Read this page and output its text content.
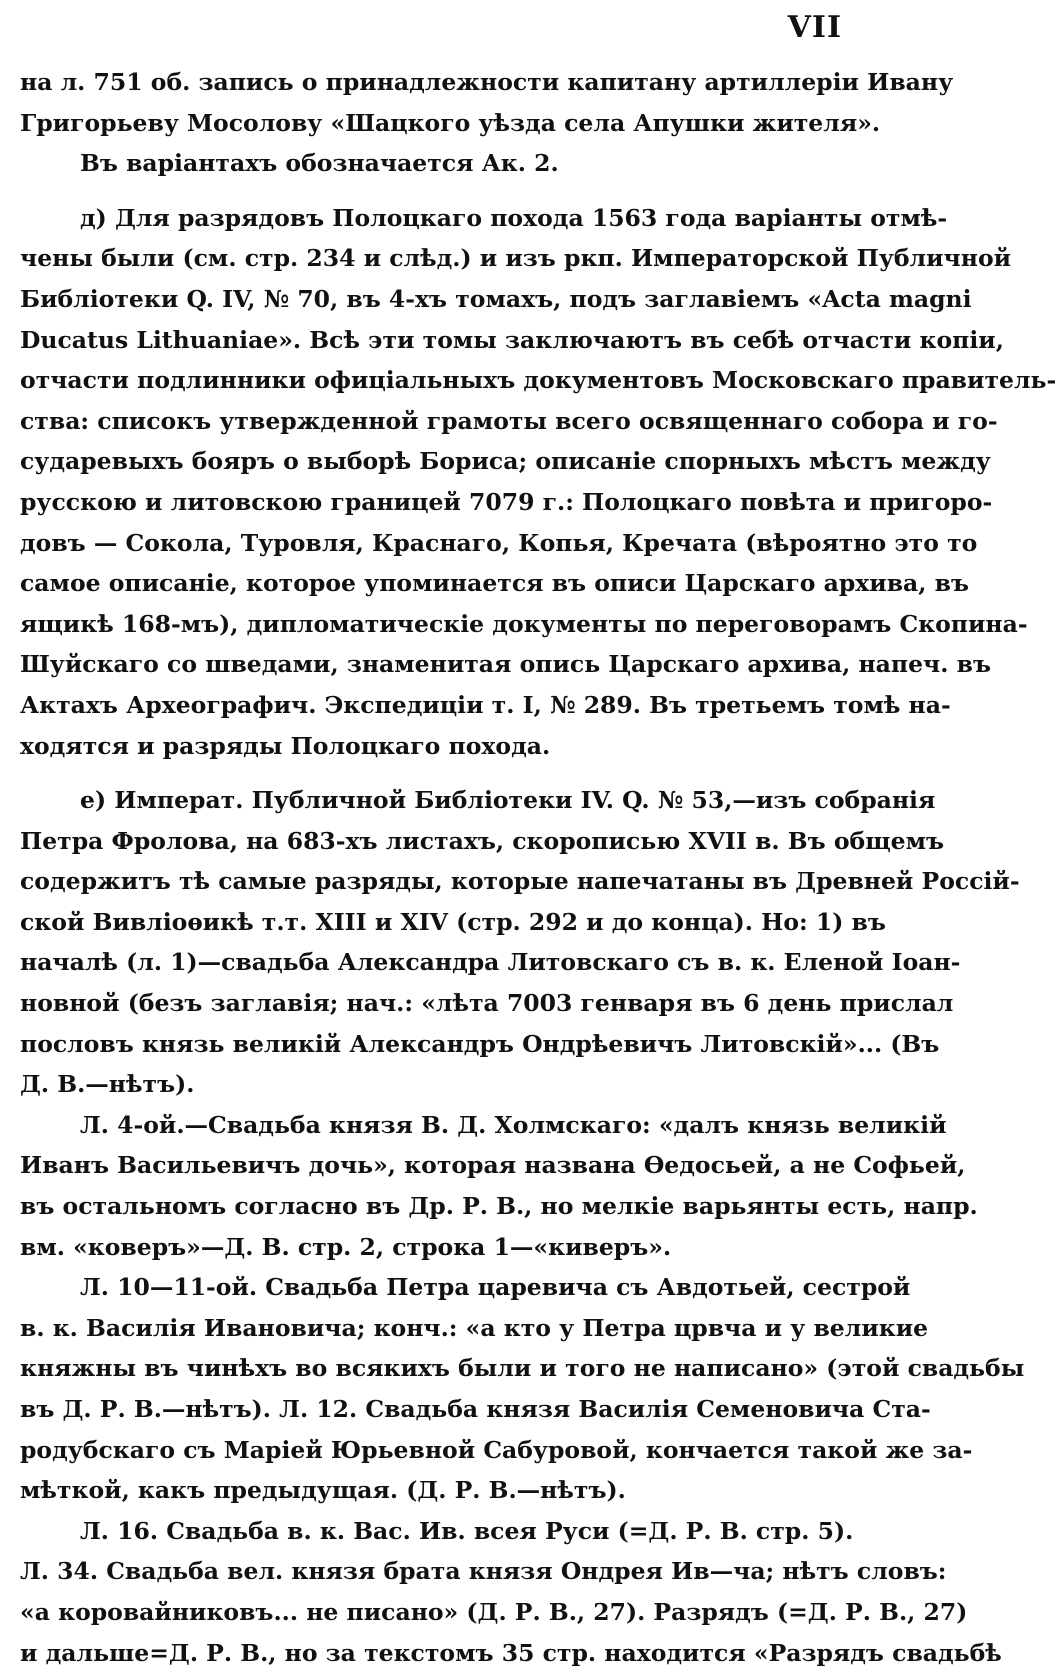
VII
на л. 751 об. запись о принадлежности капитану артиллеріи Ивану
Григорьеву Мосолову «Шацкого уѣзда села Апушки жителя».
Въ варіантахъ обозначается Ак. 2.
д) Для разрядовъ Полоцкаго похода 1563 года варіанты отмѣ-
чены были (см. стр. 234 и слѣд.) и изъ ркп. Императорской Публичной
Библіотеки Q. IV, № 70, въ 4-хъ томахъ, подъ заглавіемъ «Acta magni
Ducatus Lithuaniae». Всѣ эти томы заключаютъ въ себѣ отчасти копіи,
отчасти подлинники офиціальныхъ документовъ Московскаго правитель-
ства: списокъ утвержденной грамоты всего освященнаго собора и го-
сударевыхъ бояръ о выборѣ Бориса; описаніе спорныхъ мѣстъ между
русскою и литовскою границей 7079 г.: Полоцкаго повѣта и пригоро-
довъ — Сокола, Туровля, Краснаго, Копья, Кречата (вѣроятно это то
самое описаніе, которое упоминается въ описи Царскаго архива, въ
ящикѣ 168-мъ), дипломатическіе документы по переговорамъ Скопина-
Шуйскаго со шведами, знаменитая опись Царскаго архива, напеч. въ
Актахъ Археографич. Экспедиціи т. I, № 289. Въ третьемъ томѣ на-
ходятся и разряды Полоцкаго похода.
е) Императ. Публичной Библіотеки IV. Q. № 53,—изъ собранія
Петра Фролова, на 683-хъ листахъ, скорописью XVII в. Въ общемъ
содержитъ тѣ самые разряды, которые напечатаны въ Древней Россій-
ской Вивліоѳикѣ т.т. XIII и XIV (стр. 292 и до конца). Но: 1) въ
началѣ (л. 1)—свадьба Александра Литовскаго съ в. к. Еленой Іоан-
новной (безъ заглавія; нач.: «лѣта 7003 генваря въ 6 день прислал
пословъ князь великій Александръ Ондрѣевичъ Литовскій»... (Въ
Д. В.—нѣтъ).
Л. 4-ой.—Свадьба князя В. Д. Холмскаго: «далъ князь великій
Иванъ Васильевичъ дочь», которая названа Ѳедосьей, а не Софьей,
въ остальномъ согласно въ Др. Р. В., но мелкіе варьянты есть, напр.
вм. «коверъ»—Д. В. стр. 2, строка 1—«киверъ».
Л. 10—11-ой. Свадьба Петра царевича съ Авдотьей, сестрой
в. к. Василія Ивановича; конч.: «а кто у Петра црвча и у великие
княжны въ чинѣхъ во всякихъ были и того не написано» (этой свадьбы
въ Д. Р. В.—нѣтъ). Л. 12. Свадьба князя Василія Семеновича Ста-
родубскаго съ Маріей Юрьевной Сабуровой, кончается такой же за-
мѣткой, какъ предыдущая. (Д. Р. В.—нѣтъ).
Л. 16. Свадьба в. к. Вас. Ив. всея Руси (=Д. Р. В. стр. 5).
Л. 34. Свадьба вел. князя брата князя Ондрея Ив—ча; нѣтъ словъ:
«а коровайниковъ... не писано» (Д. Р. В., 27). Разрядъ (=Д. Р. В., 27)
и дальше=Д. Р. В., но за текстомъ 35 стр. находится «Разрядъ свадьбѣ
